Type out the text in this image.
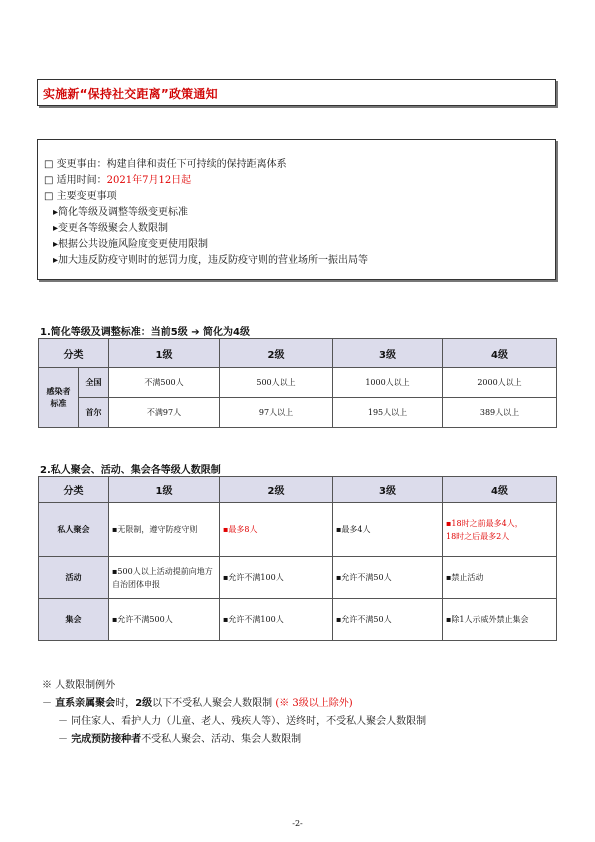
实施新“保持社交距离”政策通知
□ 变更事由：构建自律和责任下可持续的保持距离体系
□ 适用时间：2021年7月12日起
□ 主要变更事项
▸简化等级及调整等级变更标准
▸变更各等级聚会人数限制
▸根据公共设施风险度变更使用限制
▸加大违反防疫守则时的惩罚力度，违反防疫守则的营业场所一振出局等
1.简化等级及调整标准：当前5级 ➔ 简化为4级
分类		1级	2级	3级	4级
感染者
标准	全国	不满500人	500人以上	1000人以上	2000人以上
	首尔	不满97人	97人以上	195人以上	389人以上
2.私人聚会、活动、集会各等级人数限制
分类	1级	2级	3级	4级
私人聚会	▪无限制，遵守防疫守则	▪最多8人	▪最多4人	▪18时之前最多4人，
18时之后最多2人
活动	▪500人以上活动提前向地方自治团体申报	▪允许不满100人	▪允许不满50人	▪禁止活动
集会	▪允许不满500人	▪允许不满100人	▪允许不满50人	▪除1人示威外禁止集会
※ 人数限制例外
－ 直系亲属聚会时，2级以下不受私人聚会人数限制 (※ 3级以上除外)
－ 同住家人、看护人力（儿童、老人、残疾人等）、送终时，不受私人聚会人数限制
－ 完成预防接种者不受私人聚会、活动、集会人数限制
-2-
